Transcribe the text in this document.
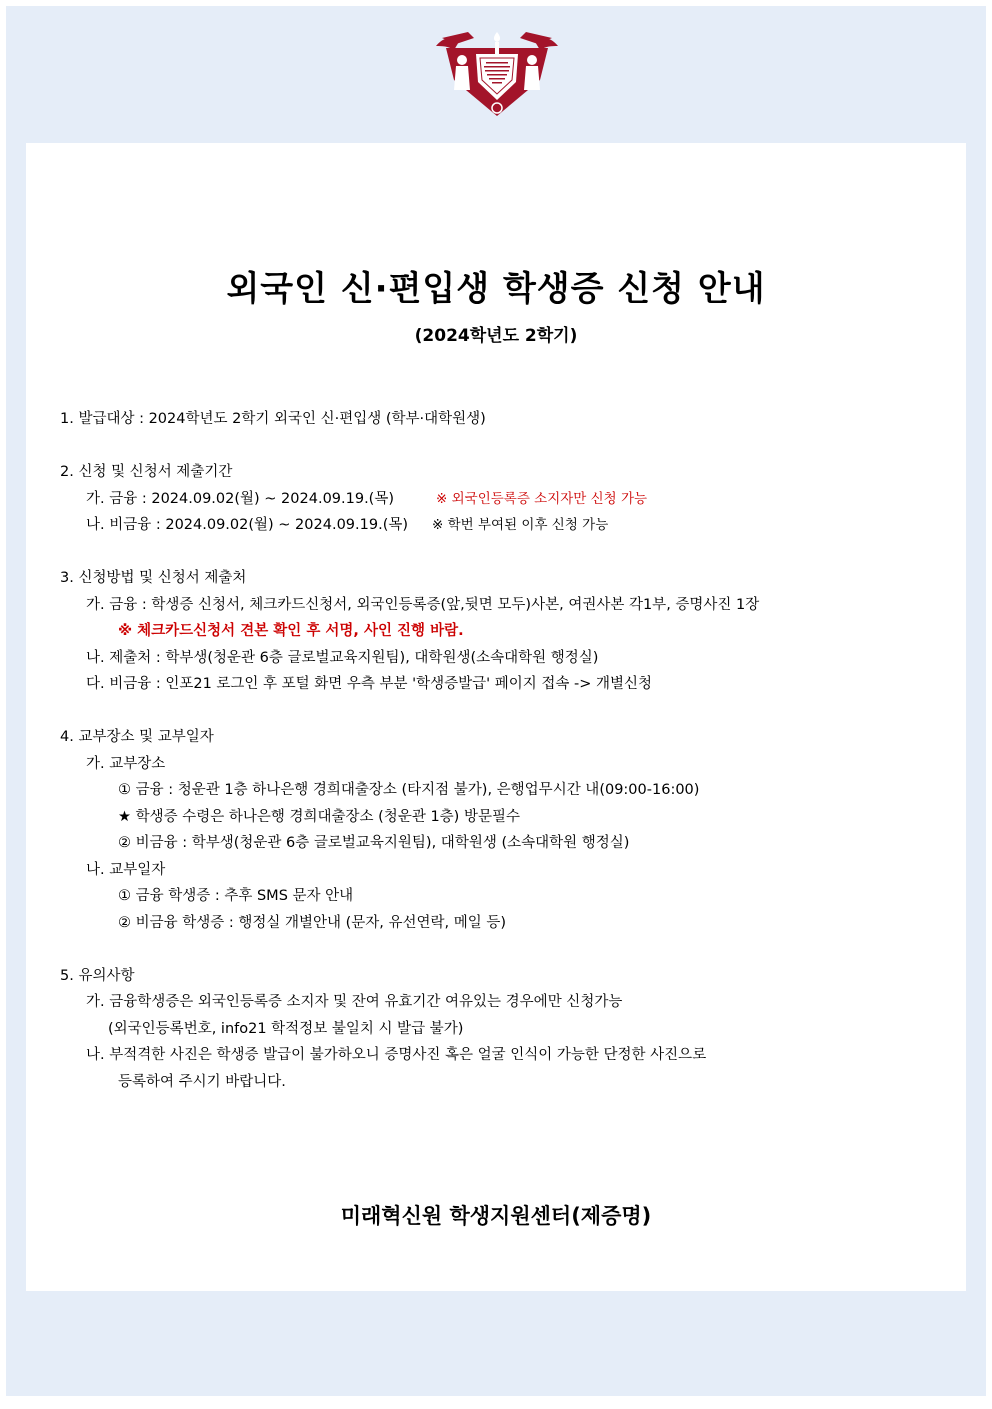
외국인 신·편입생 학생증 신청 안내
(2024학년도 2학기)
1. 발급대상 : 2024학년도 2학기 외국인 신·편입생 (학부·대학원생)
2. 신청 및 신청서 제출기간
가. 금융 : 2024.09.02(월) ~ 2024.09.19.(목)	※ 외국인등록증 소지자만 신청 가능
나. 비금융 : 2024.09.02(월) ~ 2024.09.19.(목) ※ 학번 부여된 이후 신청 가능
3. 신청방법 및 신청서 제출처
가. 금융 : 학생증 신청서, 체크카드신청서, 외국인등록증(앞,뒷면 모두)사본, 여권사본 각1부, 증명사진 1장
※ 체크카드신청서 견본 확인 후 서명, 사인 진행 바람.
나. 제출처 : 학부생(청운관 6층 글로벌교육지원팀), 대학원생(소속대학원 행정실)
다. 비금융 : 인포21 로그인 후 포털 화면 우측 부분 '학생증발급' 페이지 접속 -> 개별신청
4. 교부장소 및 교부일자
가. 교부장소
① 금융 : 청운관 1층 하나은행 경희대출장소 (타지점 불가), 은행업무시간 내(09:00-16:00)
★ 학생증 수령은 하나은행 경희대출장소 (청운관 1층) 방문필수
② 비금융 : 학부생(청운관 6층 글로벌교육지원팀), 대학원생 (소속대학원 행정실)
나. 교부일자
① 금융 학생증 : 추후 SMS 문자 안내
② 비금융 학생증 : 행정실 개별안내 (문자, 유선연락, 메일 등)
5. 유의사항
가. 금융학생증은 외국인등록증 소지자 및 잔여 유효기간 여유있는 경우에만 신청가능
(외국인등록번호, info21 학적정보 불일치 시 발급 불가)
나. 부적격한 사진은 학생증 발급이 불가하오니 증명사진 혹은 얼굴 인식이 가능한 단정한 사진으로
등록하여 주시기 바랍니다.
미래혁신원 학생지원센터(제증명)
